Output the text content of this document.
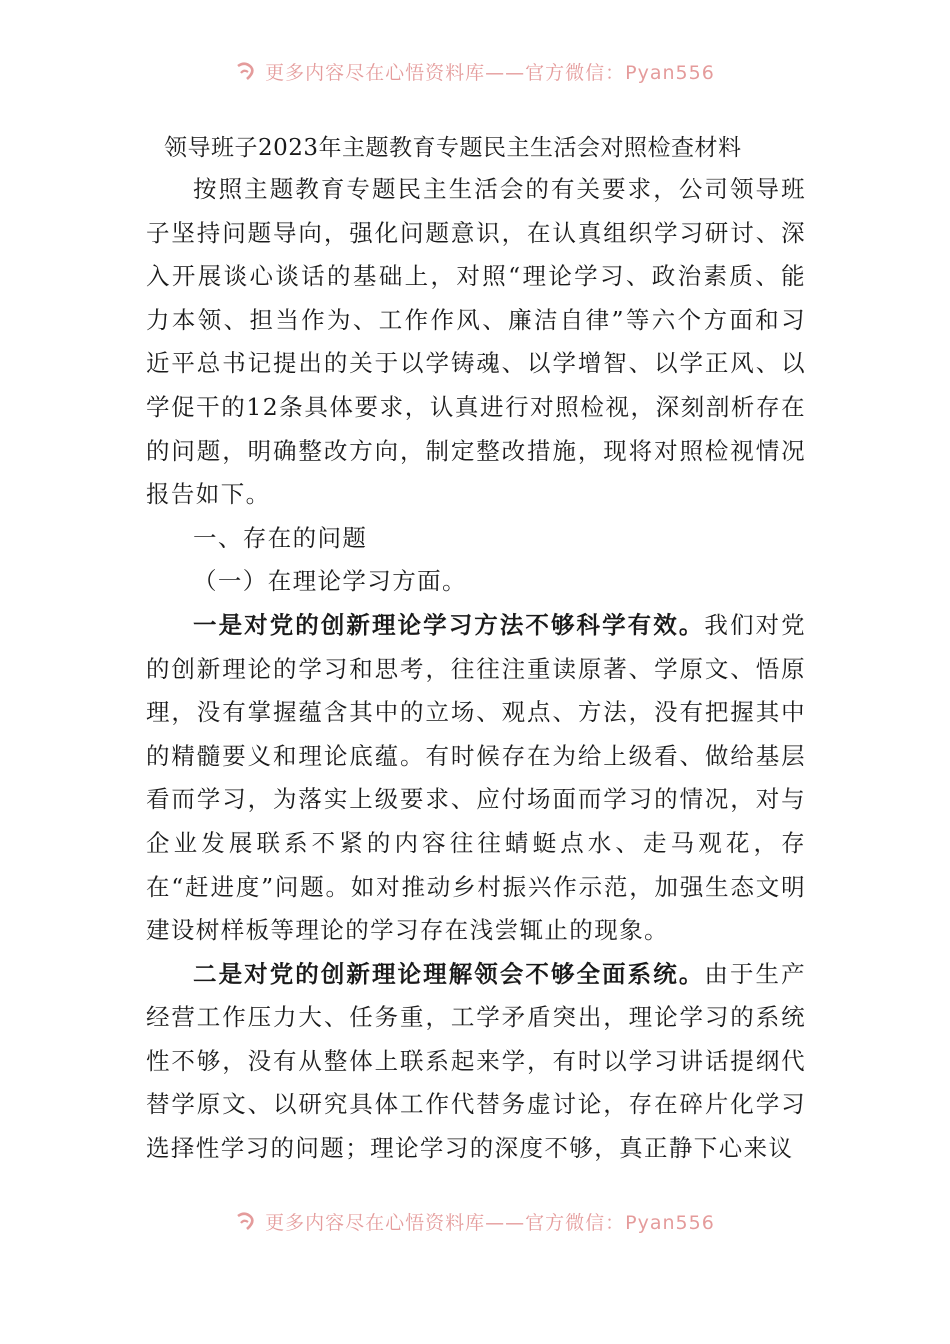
更多内容尽在心悟资料库——官方微信：Pyan556
领导班子2023年主题教育专题民主生活会对照检查材料

按照主题教育专题民主生活会的有关要求，公司领导班子坚持问题导向，强化问题意识，在认真组织学习研讨、深入开展谈心谈话的基础上，对照“理论学习、政治素质、能力本领、担当作为、工作作风、廉洁自律”等六个方面和习近平总书记提出的关于以学铸魂、以学增智、以学正风、以学促干的12条具体要求，认真进行对照检视，深刻剖析存在的问题，明确整改方向，制定整改措施，现将对照检视情况报告如下。

一、存在的问题

（一）在理论学习方面。

一是对党的创新理论学习方法不够科学有效。我们对党的创新理论的学习和思考，往往注重读原著、学原文、悟原理，没有掌握蕴含其中的立场、观点、方法，没有把握其中的精髓要义和理论底蕴。有时候存在为给上级看、做给基层看而学习，为落实上级要求、应付场面而学习的情况，对与企业发展联系不紧的内容往往蜻蜓点水、走马观花，存在“赶进度”问题。如对推动乡村振兴作示范，加强生态文明建设树样板等理论的学习存在浅尝辄止的现象。

二是对党的创新理论理解领会不够全面系统。由于生产经营工作压力大、任务重，工学矛盾突出，理论学习的系统性不够，没有从整体上联系起来学，有时以学习讲话提纲代替学原文、以研究具体工作代替务虚讨论，存在碎片化学习选择性学习的问题；理论学习的深度不够，真正静下心来议

更多内容尽在心悟资料库——官方微信：Pyan556
